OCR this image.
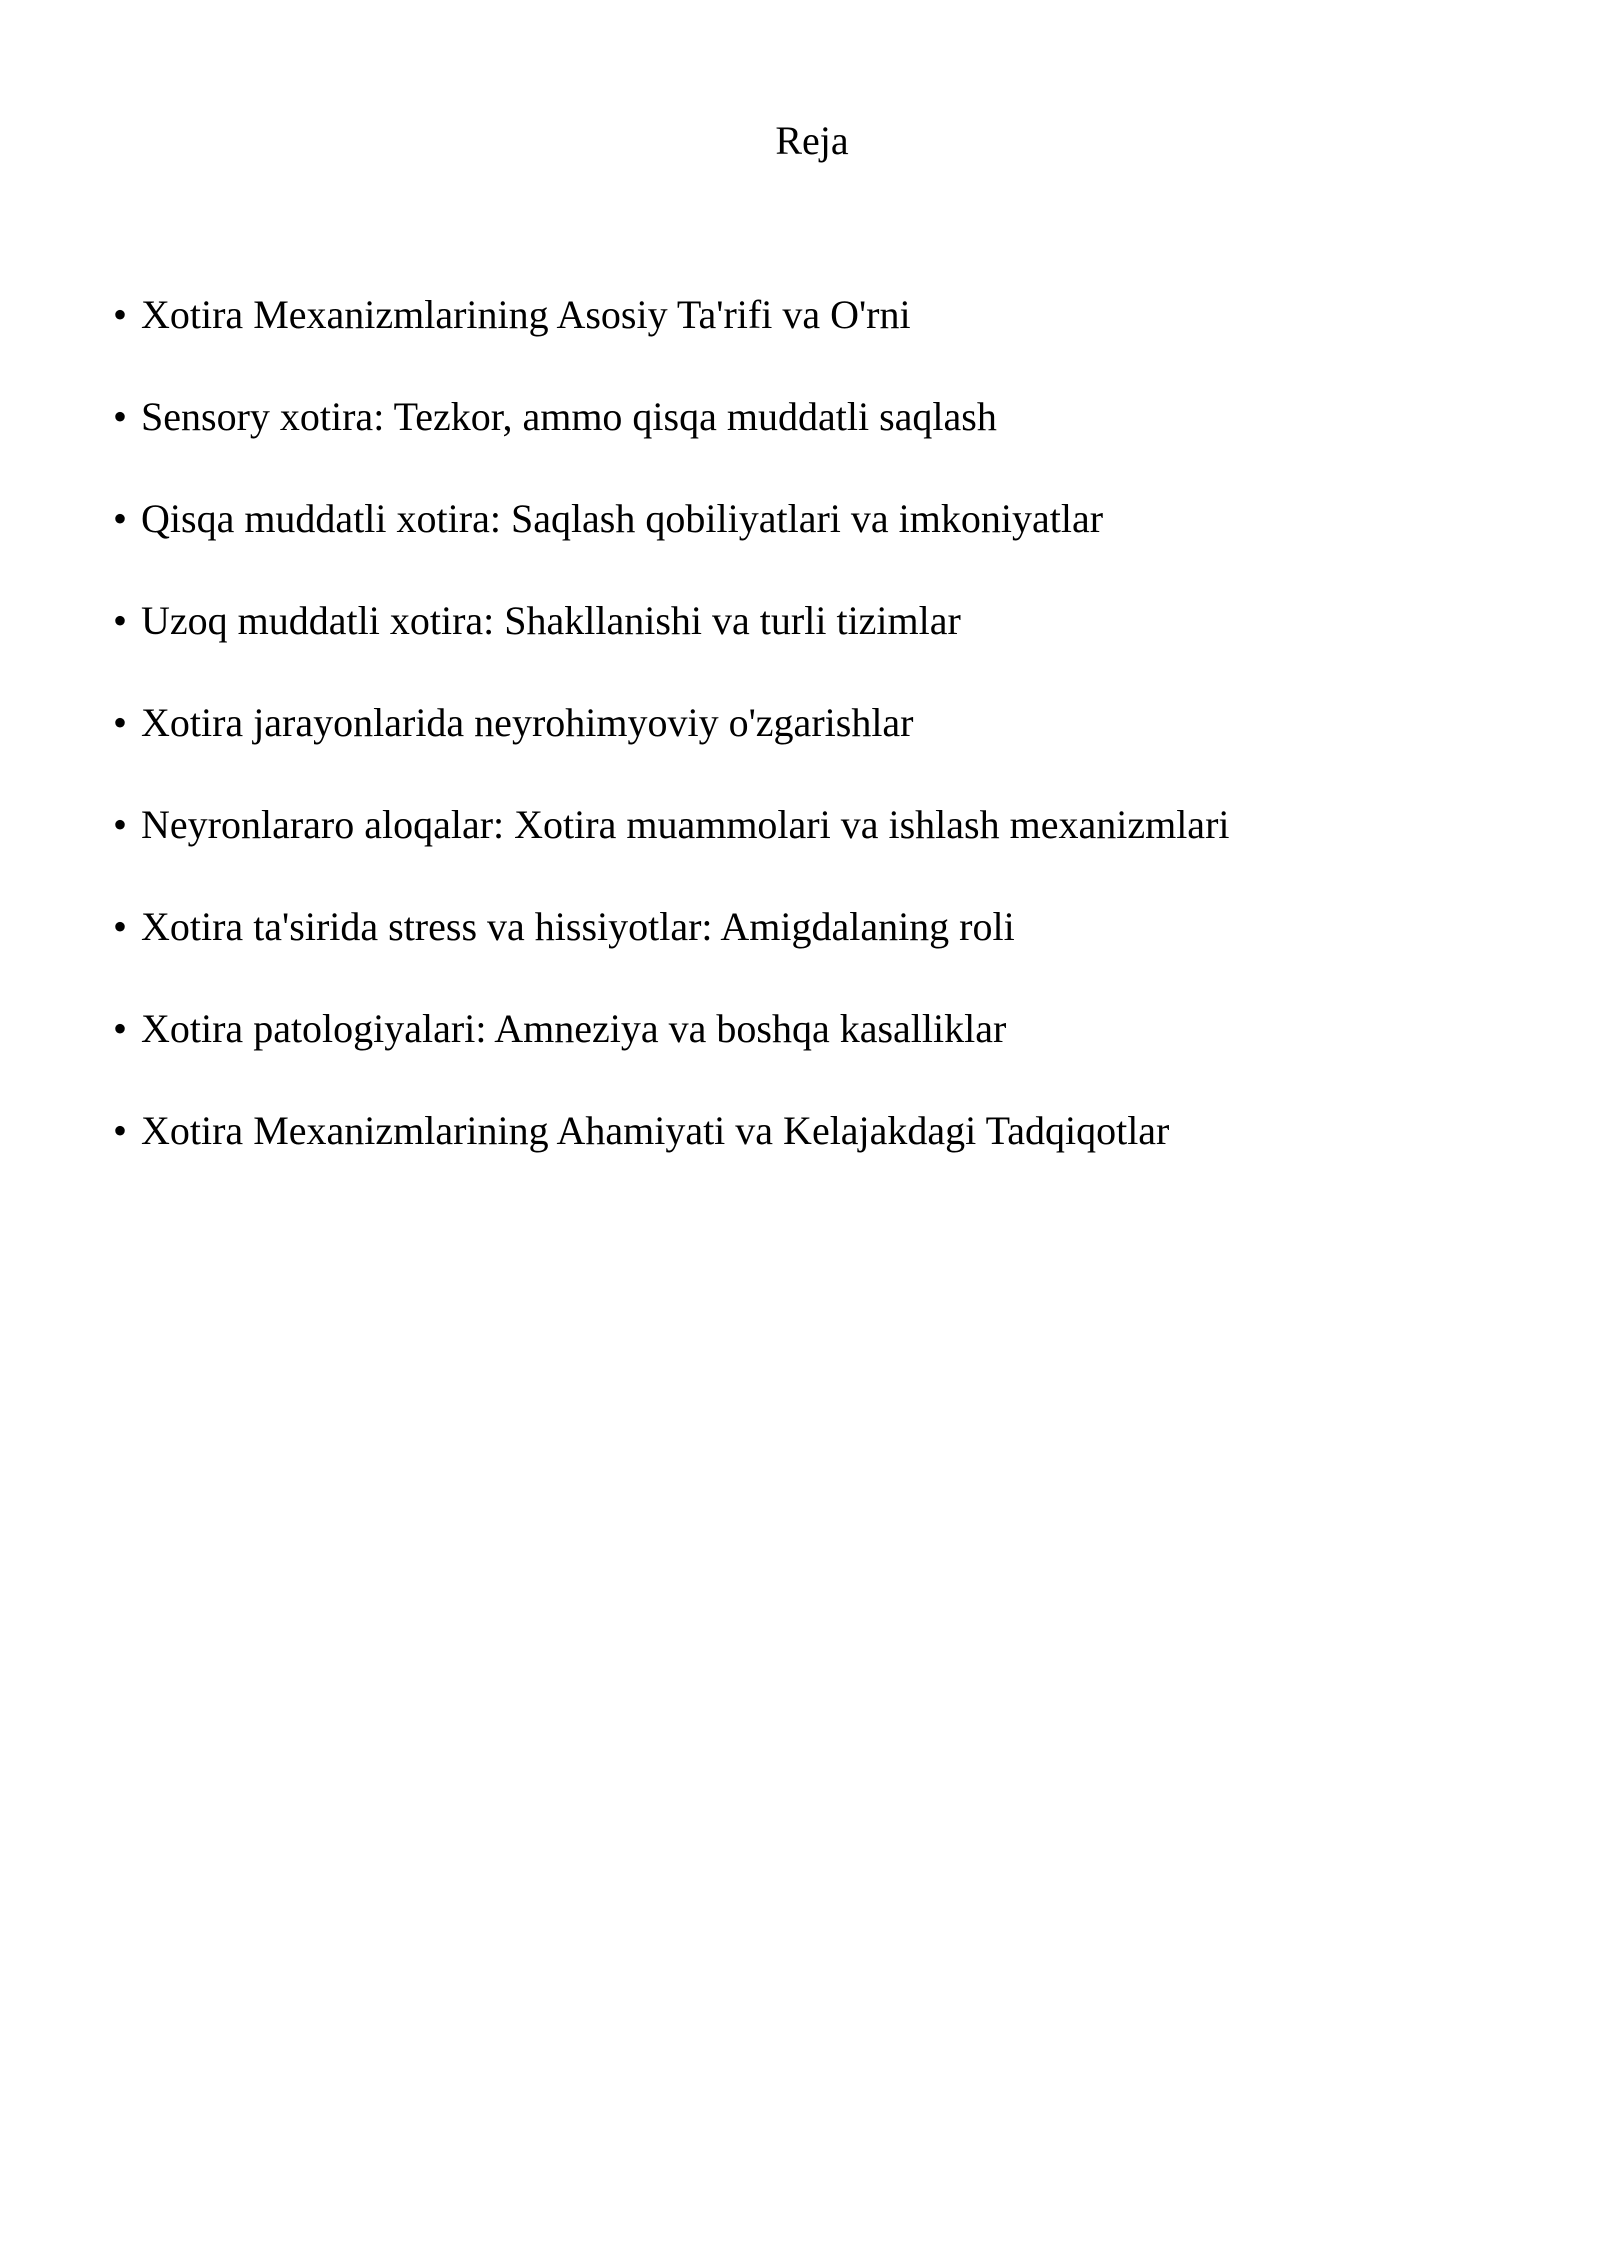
Reja
• Xotira Mexanizmlarining Asosiy Ta'rifi va O'rni
• Sensory xotira: Tezkor, ammo qisqa muddatli saqlash
• Qisqa muddatli xotira: Saqlash qobiliyatlari va imkoniyatlar
• Uzoq muddatli xotira: Shakllanishi va turli tizimlar
• Xotira jarayonlarida neyrohimyoviy o'zgarishlar
• Neyronlararo aloqalar: Xotira muammolari va ishlash mexanizmlari
• Xotira ta'sirida stress va hissiyotlar: Amigdalaning roli
• Xotira patologiyalari: Amneziya va boshqa kasalliklar
• Xotira Mexanizmlarining Ahamiyati va Kelajakdagi Tadqiqotlar
